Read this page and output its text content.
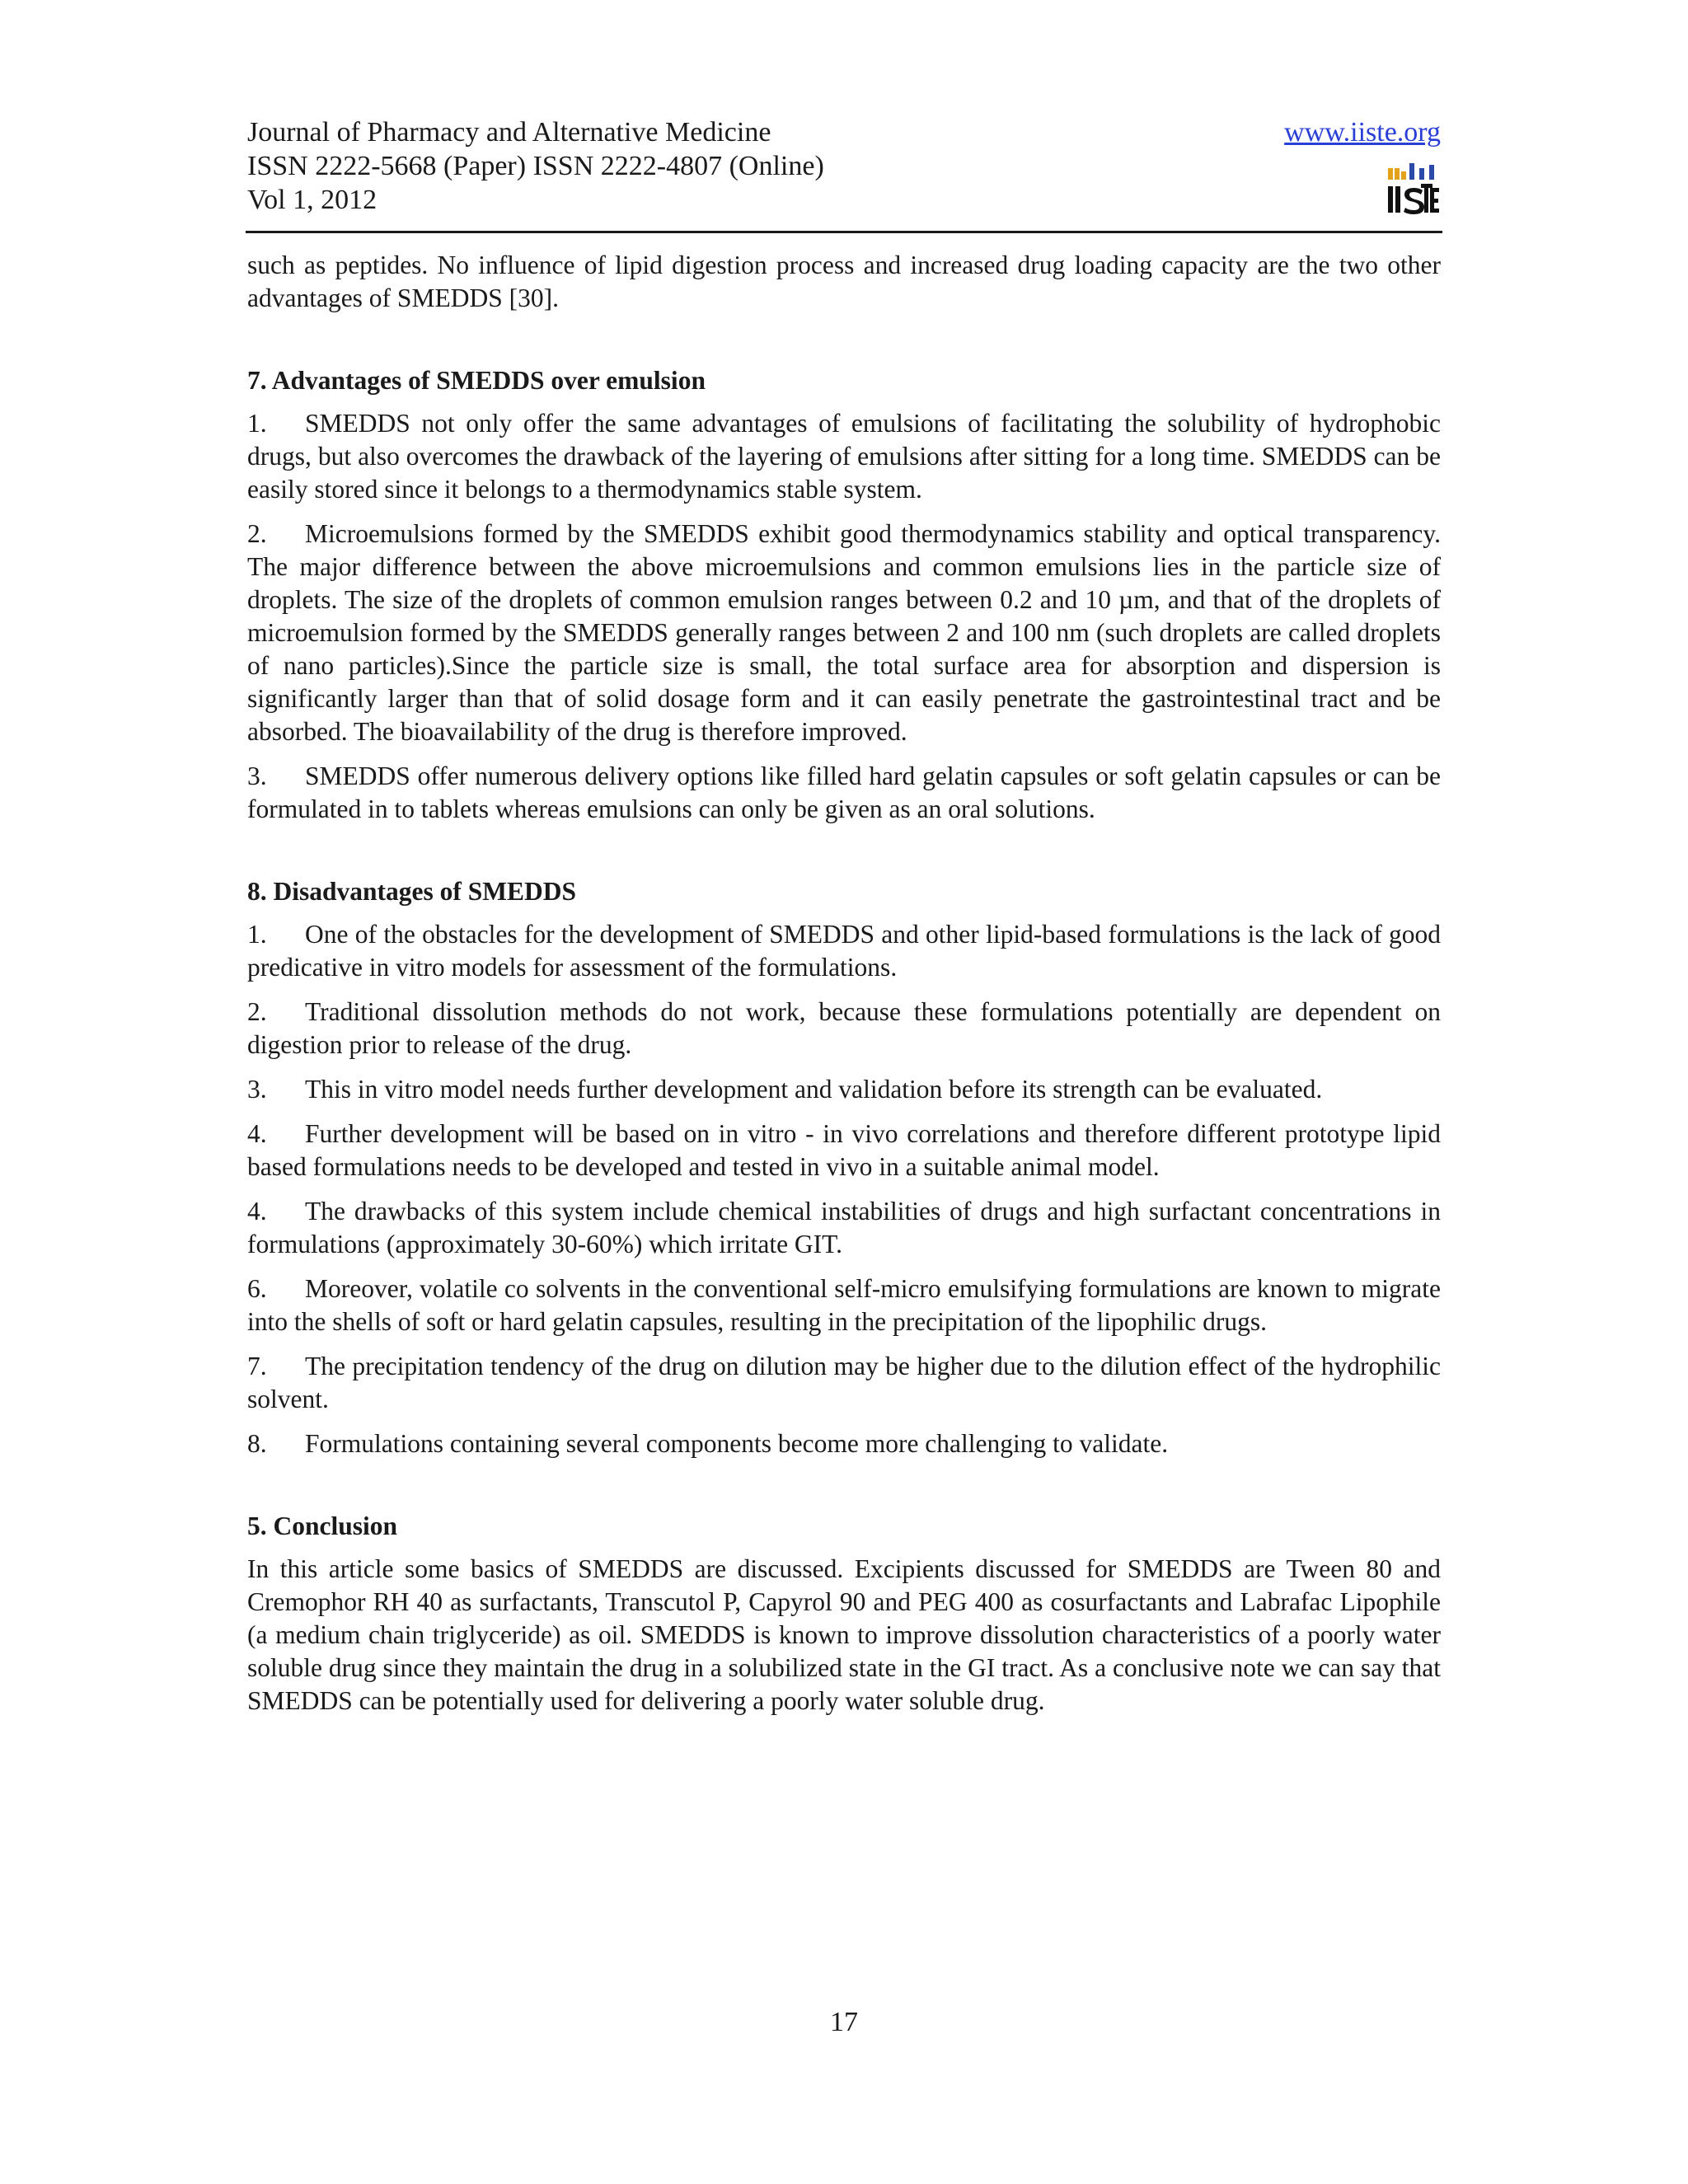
Journal of Pharmacy and Alternative Medicine
ISSN 2222-5668 (Paper) ISSN 2222-4807 (Online)
Vol 1, 2012
www.iiste.org

such as peptides. No influence of lipid digestion process and increased drug loading capacity are the two other advantages of SMEDDS [30].

7. Advantages of SMEDDS over emulsion

1. SMEDDS not only offer the same advantages of emulsions of facilitating the solubility of hydrophobic drugs, but also overcomes the drawback of the layering of emulsions after sitting for a long time. SMEDDS can be easily stored since it belongs to a thermodynamics stable system.

2. Microemulsions formed by the SMEDDS exhibit good thermodynamics stability and optical transparency. The major difference between the above microemulsions and common emulsions lies in the particle size of droplets. The size of the droplets of common emulsion ranges between 0.2 and 10 µm, and that of the droplets of microemulsion formed by the SMEDDS generally ranges between 2 and 100 nm (such droplets are called droplets of nano particles).Since the particle size is small, the total surface area for absorption and dispersion is significantly larger than that of solid dosage form and it can easily penetrate the gastrointestinal tract and be absorbed. The bioavailability of the drug is therefore improved.

3. SMEDDS offer numerous delivery options like filled hard gelatin capsules or soft gelatin capsules or can be formulated in to tablets whereas emulsions can only be given as an oral solutions.

8. Disadvantages of SMEDDS

1. One of the obstacles for the development of SMEDDS and other lipid-based formulations is the lack of good predicative in vitro models for assessment of the formulations.

2. Traditional dissolution methods do not work, because these formulations potentially are dependent on digestion prior to release of the drug.

3. This in vitro model needs further development and validation before its strength can be evaluated.

4. Further development will be based on in vitro - in vivo correlations and therefore different prototype lipid based formulations needs to be developed and tested in vivo in a suitable animal model.

4. The drawbacks of this system include chemical instabilities of drugs and high surfactant concentrations in formulations (approximately 30-60%) which irritate GIT.

6. Moreover, volatile co solvents in the conventional self-micro emulsifying formulations are known to migrate into the shells of soft or hard gelatin capsules, resulting in the precipitation of the lipophilic drugs.

7. The precipitation tendency of the drug on dilution may be higher due to the dilution effect of the hydrophilic solvent.

8. Formulations containing several components become more challenging to validate.

5. Conclusion

In this article some basics of SMEDDS are discussed. Excipients discussed for SMEDDS are Tween 80 and Cremophor RH 40 as surfactants, Transcutol P, Capyrol 90 and PEG 400 as cosurfactants and Labrafac Lipophile (a medium chain triglyceride) as oil. SMEDDS is known to improve dissolution characteristics of a poorly water soluble drug since they maintain the drug in a solubilized state in the GI tract. As a conclusive note we can say that SMEDDS can be potentially used for delivering a poorly water soluble drug.

17
